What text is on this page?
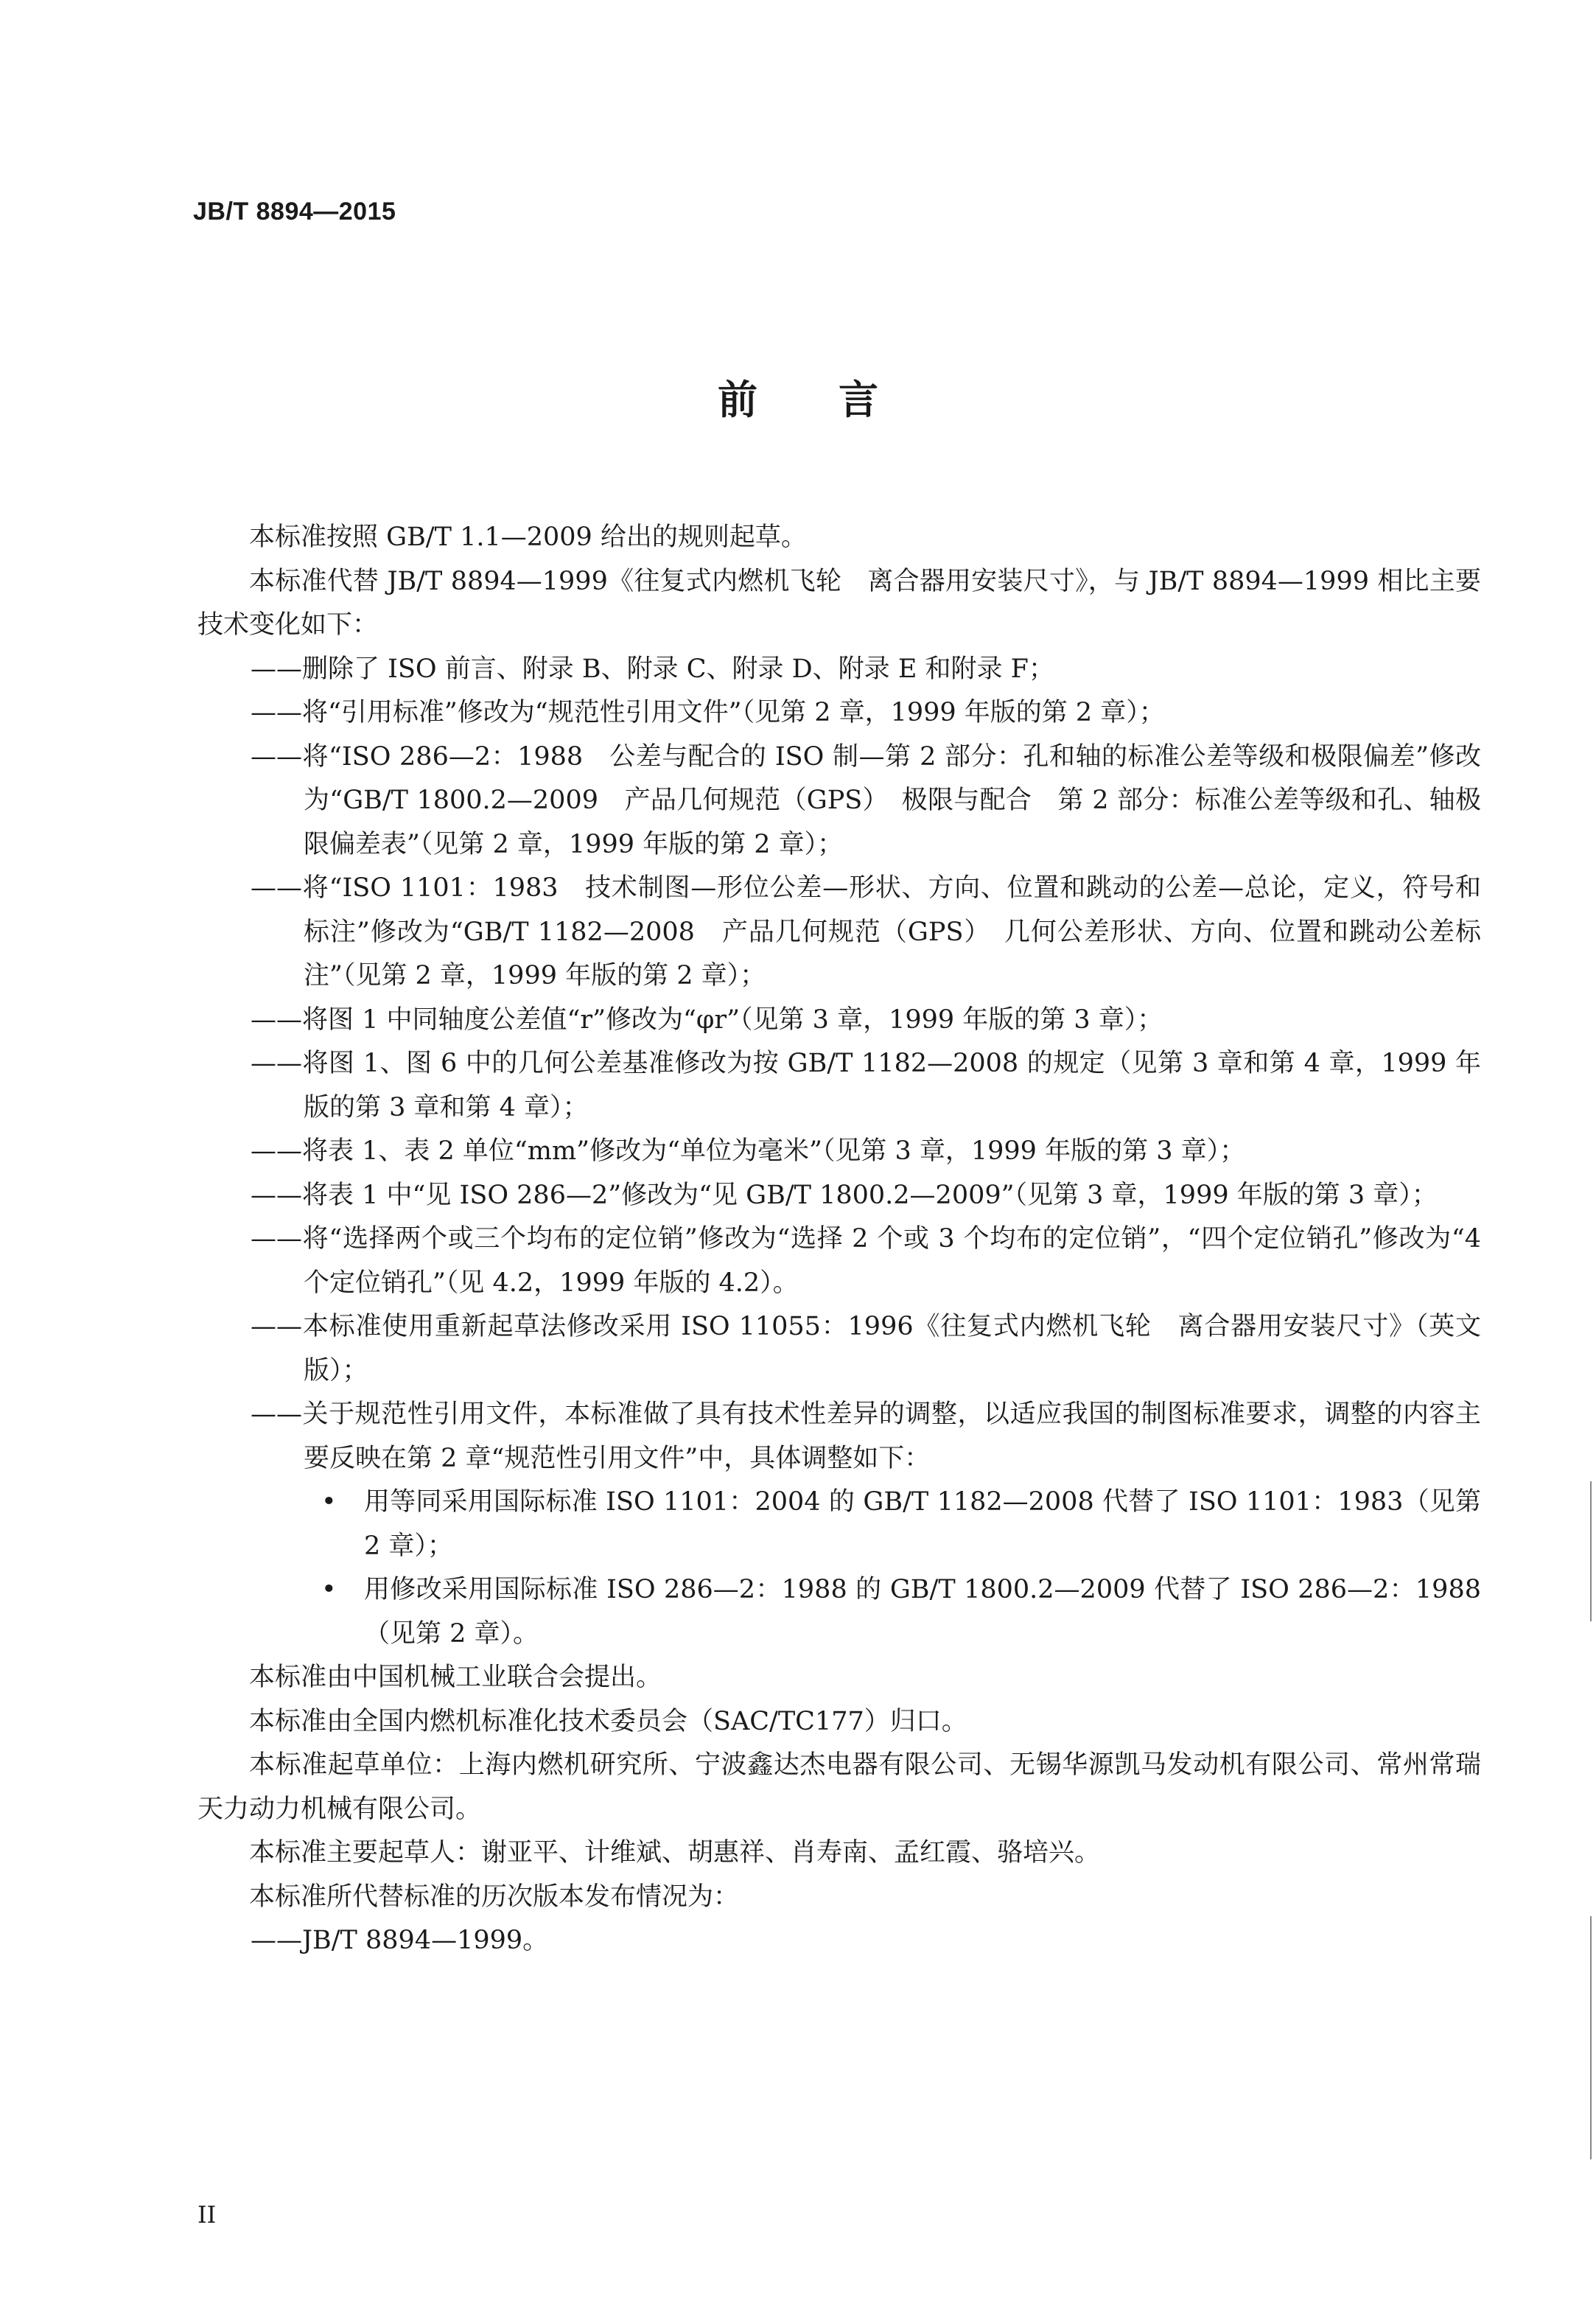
JB/T 8894—2015
前 言

本标准按照 GB/T 1.1—2009 给出的规则起草。

本标准代替 JB/T 8894—1999《往复式内燃机飞轮　离合器用安装尺寸》，与 JB/T 8894—1999 相比主要技术变化如下：

——删除了 ISO 前言、附录 B、附录 C、附录 D、附录 E 和附录 F；

——将“引用标准”修改为“规范性引用文件”（见第 2 章，1999 年版的第 2 章）；

——将“ISO 286—2：1988　公差与配合的 ISO 制—第 2 部分：孔和轴的标准公差等级和极限偏差”修改为“GB/T 1800.2—2009　产品几何规范（GPS）　极限与配合　第 2 部分：标准公差等级和孔、轴极限偏差表”（见第 2 章，1999 年版的第 2 章）；

——将“ISO 1101：1983　技术制图—形位公差—形状、方向、位置和跳动的公差—总论，定义，符号和标注”修改为“GB/T 1182—2008　产品几何规范（GPS）　几何公差形状、方向、位置和跳动公差标注”（见第 2 章，1999 年版的第 2 章）；

——将图 1 中同轴度公差值“r”修改为“φr”（见第 3 章，1999 年版的第 3 章）；

——将图 1、图 6 中的几何公差基准修改为按 GB/T 1182—2008 的规定（见第 3 章和第 4 章，1999 年版的第 3 章和第 4 章）；

——将表 1、表 2 单位“mm”修改为“单位为毫米”（见第 3 章，1999 年版的第 3 章）；

——将表 1 中“见 ISO 286—2”修改为“见 GB/T 1800.2—2009”（见第 3 章，1999 年版的第 3 章）；

——将“选择两个或三个均布的定位销”修改为“选择 2 个或 3 个均布的定位销”，“四个定位销孔”修改为“4 个定位销孔”（见 4.2，1999 年版的 4.2）。

——本标准使用重新起草法修改采用 ISO 11055：1996《往复式内燃机飞轮　离合器用安装尺寸》（英文版）；

——关于规范性引用文件，本标准做了具有技术性差异的调整，以适应我国的制图标准要求，调整的内容主要反映在第 2 章“规范性引用文件”中，具体调整如下：

• 用等同采用国际标准 ISO 1101：2004 的 GB/T 1182—2008 代替了 ISO 1101：1983（见第 2 章）；

• 用修改采用国际标准 ISO 286—2：1988 的 GB/T 1800.2—2009 代替了 ISO 286—2：1988（见第 2 章）。

本标准由中国机械工业联合会提出。

本标准由全国内燃机标准化技术委员会（SAC/TC177）归口。

本标准起草单位：上海内燃机研究所、宁波鑫达杰电器有限公司、无锡华源凯马发动机有限公司、常州常瑞天力动力机械有限公司。

本标准主要起草人：谢亚平、计维斌、胡惠祥、肖寿南、孟红霞、骆培兴。

本标准所代替标准的历次版本发布情况为：

——JB/T 8894—1999。

II
